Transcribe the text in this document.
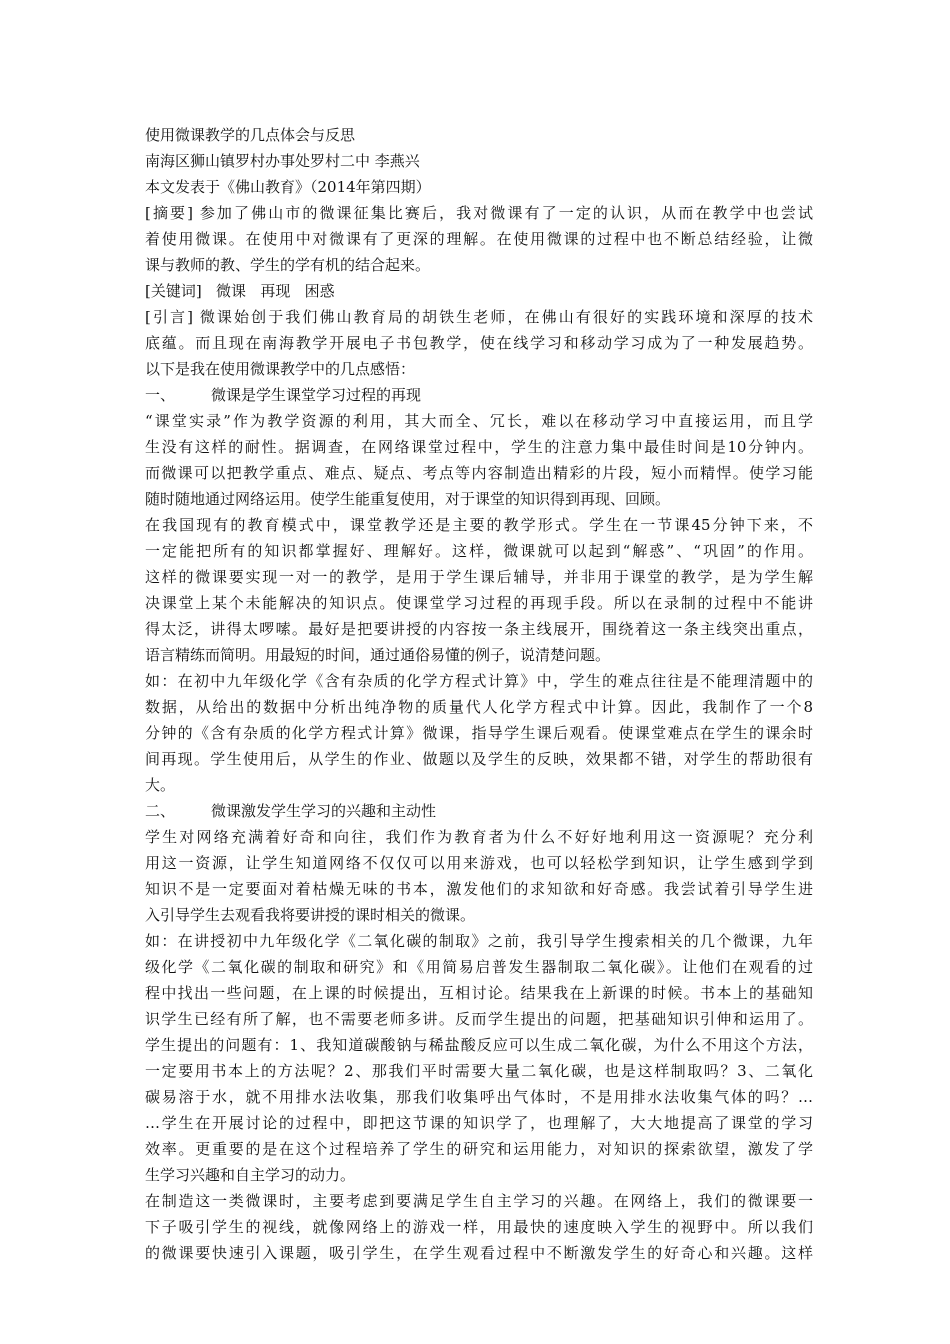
使用微课教学的几点体会与反思
南海区狮山镇罗村办事处罗村二中 李燕兴
本文发表于《佛山教育》（2014年第四期）
[摘要] 参加了佛山市的微课征集比赛后，我对微课有了一定的认识，从而在教学中也尝试
着使用微课。在使用中对微课有了更深的理解。在使用微课的过程中也不断总结经验，让微
课与教师的教、学生的学有机的结合起来。
[关键词]   微课   再现   困惑
[引言] 微课始创于我们佛山教育局的胡铁生老师，在佛山有很好的实践环境和深厚的技术
底蕴。而且现在南海教学开展电子书包教学，使在线学习和移动学习成为了一种发展趋势。
以下是我在使用微课教学中的几点感悟：
一、 微课是学生课堂学习过程的再现
“课堂实录”作为教学资源的利用，其大而全、冗长，难以在移动学习中直接运用，而且学
生没有这样的耐性。据调查，在网络课堂过程中，学生的注意力集中最佳时间是10分钟内。
而微课可以把教学重点、难点、疑点、考点等内容制造出精彩的片段，短小而精悍。使学习能
随时随地通过网络运用。使学生能重复使用，对于课堂的知识得到再现、回顾。
在我国现有的教育模式中，课堂教学还是主要的教学形式。学生在一节课45分钟下来，不
一定能把所有的知识都掌握好、理解好。这样，微课就可以起到“解惑”、“巩固”的作用。
这样的微课要实现一对一的教学，是用于学生课后辅导，并非用于课堂的教学，是为学生解
决课堂上某个未能解决的知识点。使课堂学习过程的再现手段。所以在录制的过程中不能讲
得太泛，讲得太啰嗦。最好是把要讲授的内容按一条主线展开，围绕着这一条主线突出重点，
语言精练而简明。用最短的时间，通过通俗易懂的例子，说清楚问题。
如：在初中九年级化学《含有杂质的化学方程式计算》中，学生的难点往往是不能理清题中的
数据，从给出的数据中分析出纯净物的质量代人化学方程式中计算。因此，我制作了一个8
分钟的《含有杂质的化学方程式计算》微课，指导学生课后观看。使课堂难点在学生的课余时
间再现。学生使用后，从学生的作业、做题以及学生的反映，效果都不错，对学生的帮助很有
大。
二、 微课激发学生学习的兴趣和主动性
学生对网络充满着好奇和向往，我们作为教育者为什么不好好地利用这一资源呢？充分利
用这一资源，让学生知道网络不仅仅可以用来游戏，也可以轻松学到知识，让学生感到学到
知识不是一定要面对着枯燥无味的书本，激发他们的求知欲和好奇感。我尝试着引导学生进
入引导学生去观看我将要讲授的课时相关的微课。
如：在讲授初中九年级化学《二氧化碳的制取》之前，我引导学生搜索相关的几个微课，九年
级化学《二氧化碳的制取和研究》和《用简易启普发生器制取二氧化碳》。让他们在观看的过
程中找出一些问题，在上课的时候提出，互相讨论。结果我在上新课的时候。书本上的基础知
识学生已经有所了解，也不需要老师多讲。反而学生提出的问题，把基础知识引伸和运用了。
学生提出的问题有：1、我知道碳酸钠与稀盐酸反应可以生成二氧化碳，为什么不用这个方法，
一定要用书本上的方法呢？2、那我们平时需要大量二氧化碳，也是这样制取吗？3、二氧化
碳易溶于水，就不用排水法收集，那我们收集呼出气体时，不是用排水法收集气体的吗？…
…学生在开展讨论的过程中，即把这节课的知识学了，也理解了，大大地提高了课堂的学习
效率。更重要的是在这个过程培养了学生的研究和运用能力，对知识的探索欲望，激发了学
生学习兴趣和自主学习的动力。
在制造这一类微课时，主要考虑到要满足学生自主学习的兴趣。在网络上，我们的微课要一
下子吸引学生的视线，就像网络上的游戏一样，用最快的速度映入学生的视野中。所以我们
的微课要快速引入课题，吸引学生，在学生观看过程中不断激发学生的好奇心和兴趣。这样
